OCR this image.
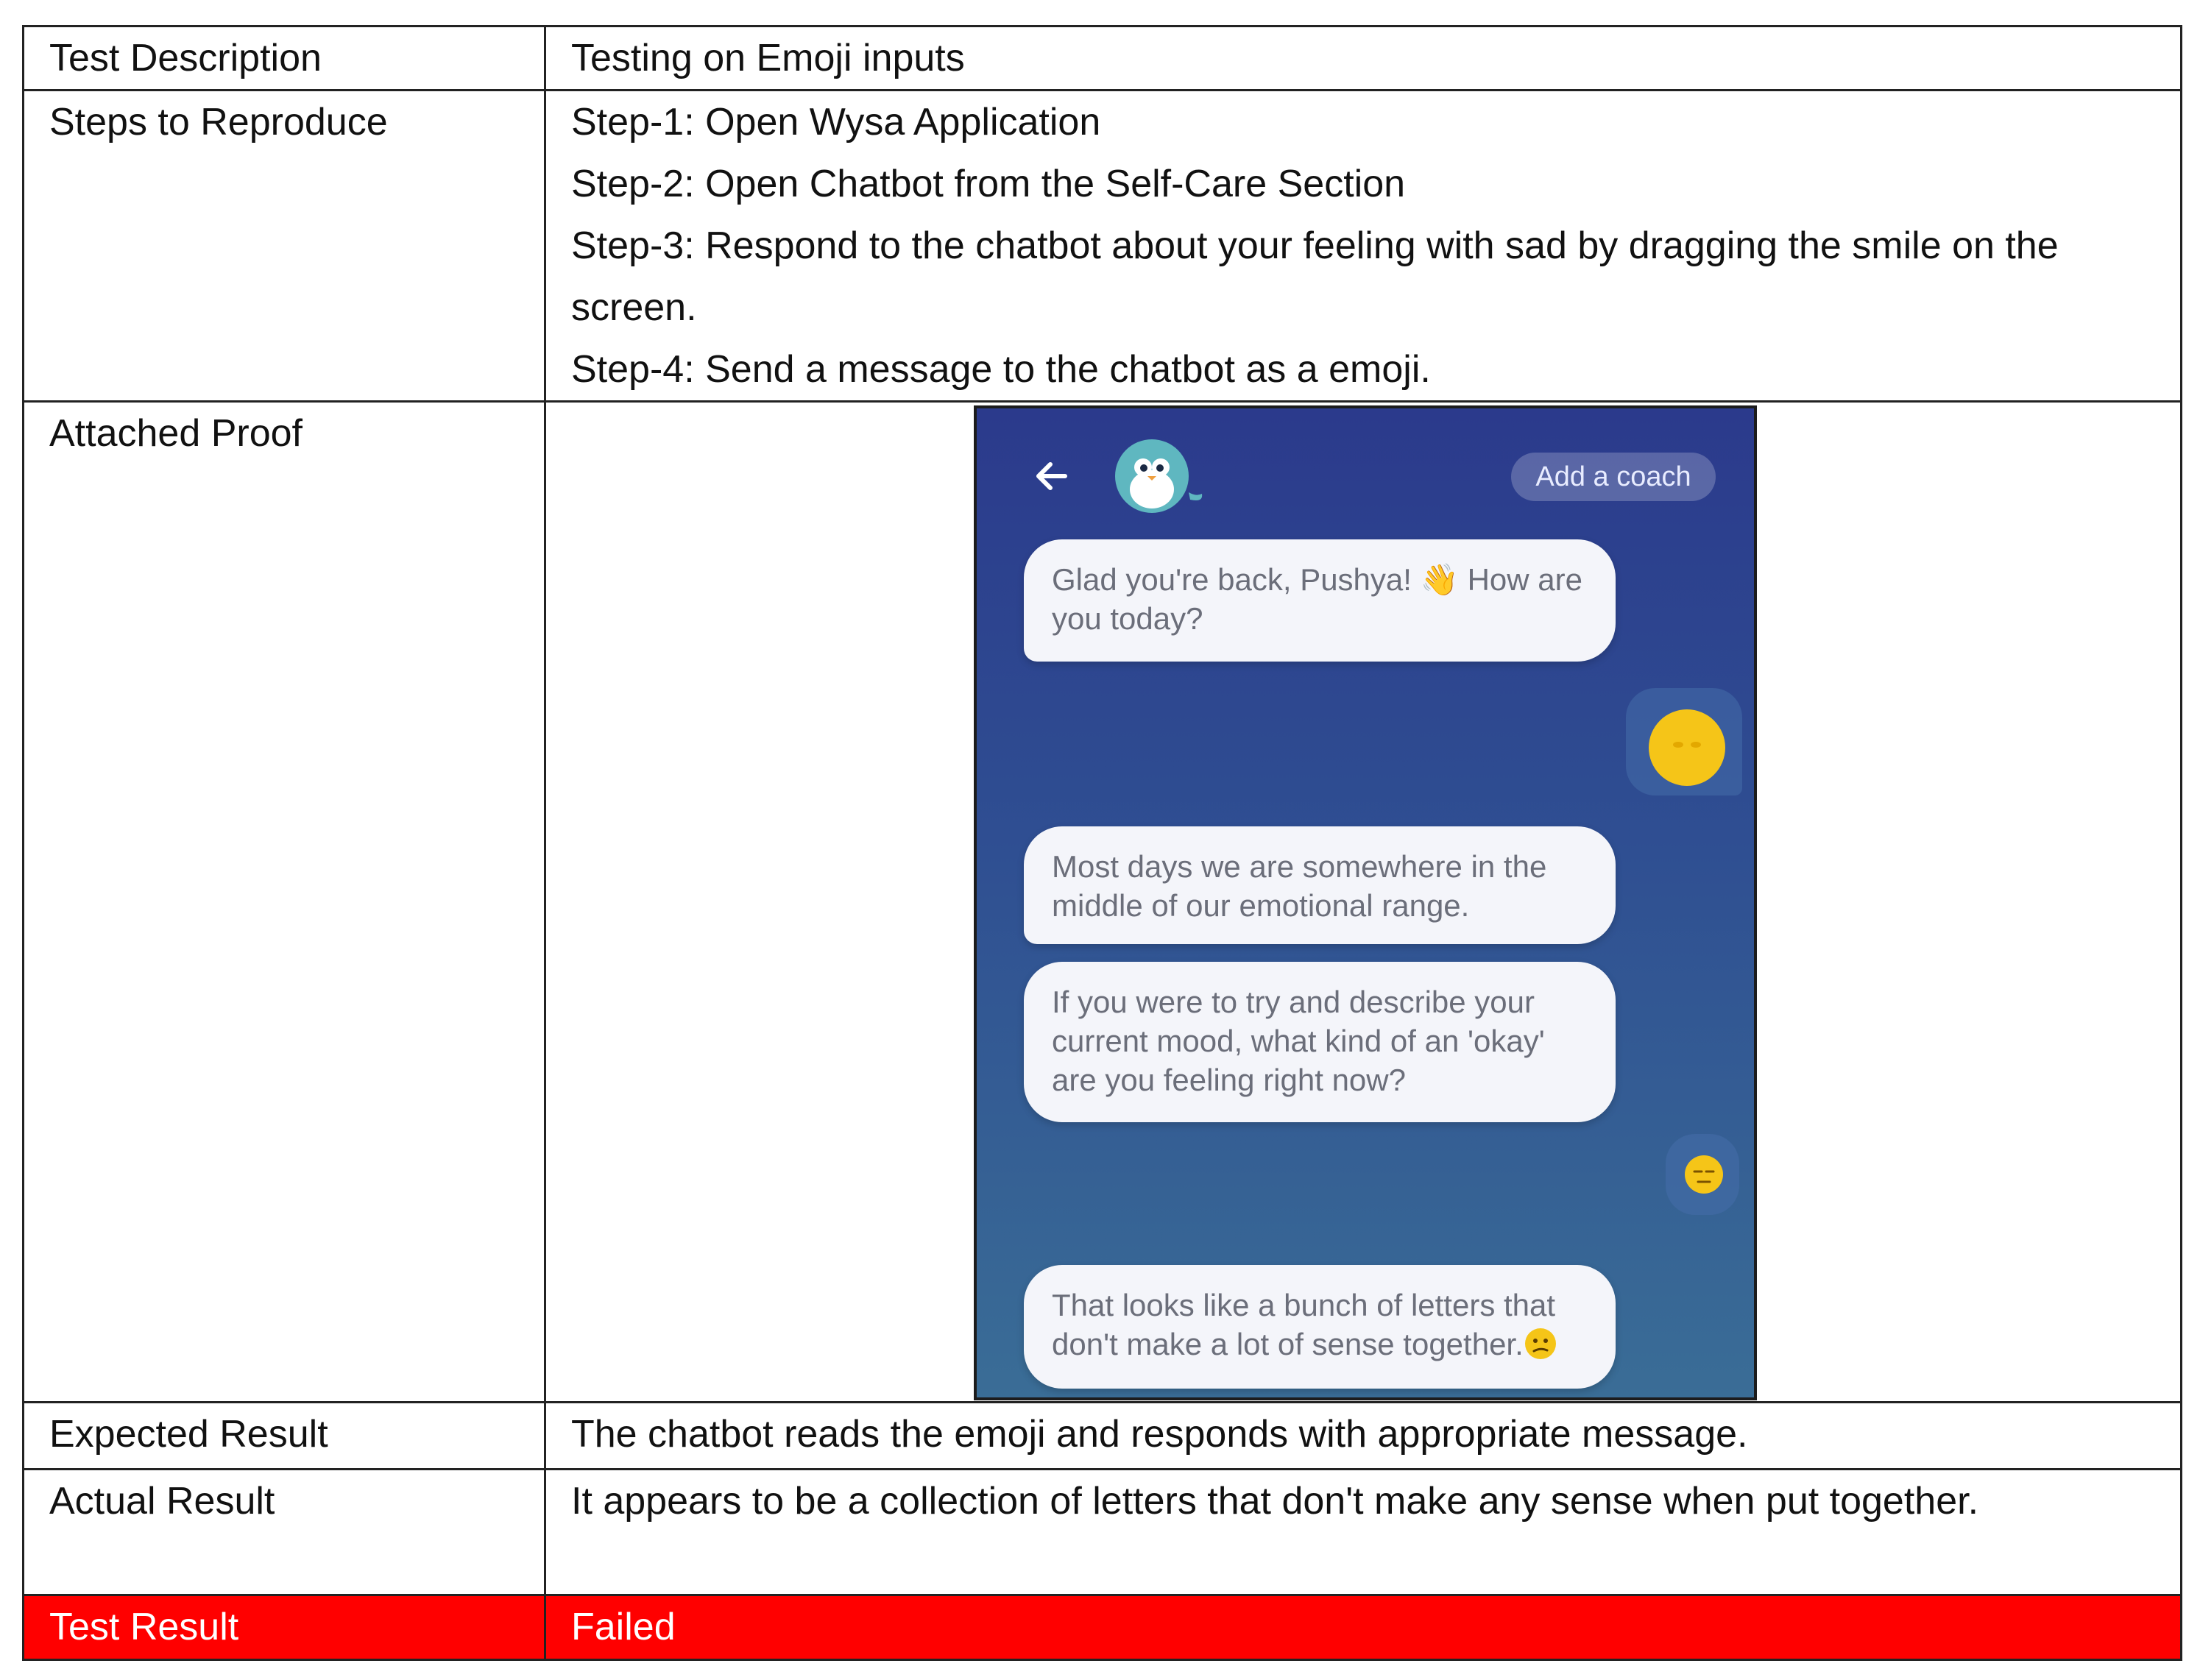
Test Description	Testing on Emoji inputs
Steps to Reproduce	Step-1: Open Wysa Application
Step-2: Open Chatbot from the Self-Care Section
Step-3: Respond to the chatbot about your feeling with sad by dragging the smile on the screen.
Step-4: Send a message to the chatbot as a emoji.

Attached Proof	Add a coach
Glad you're back, Pushya! 👋 How are you today?
Most days we are somewhere in the middle of our emotional range.
If you were to try and describe your current mood, what kind of an 'okay' are you feeling right now?
That looks like a bunch of letters that don't make a lot of sense together.

Expected Result	The chatbot reads the emoji and responds with appropriate message.
Actual Result	It appears to be a collection of letters that don't make any sense when put together.
Test Result	Failed
